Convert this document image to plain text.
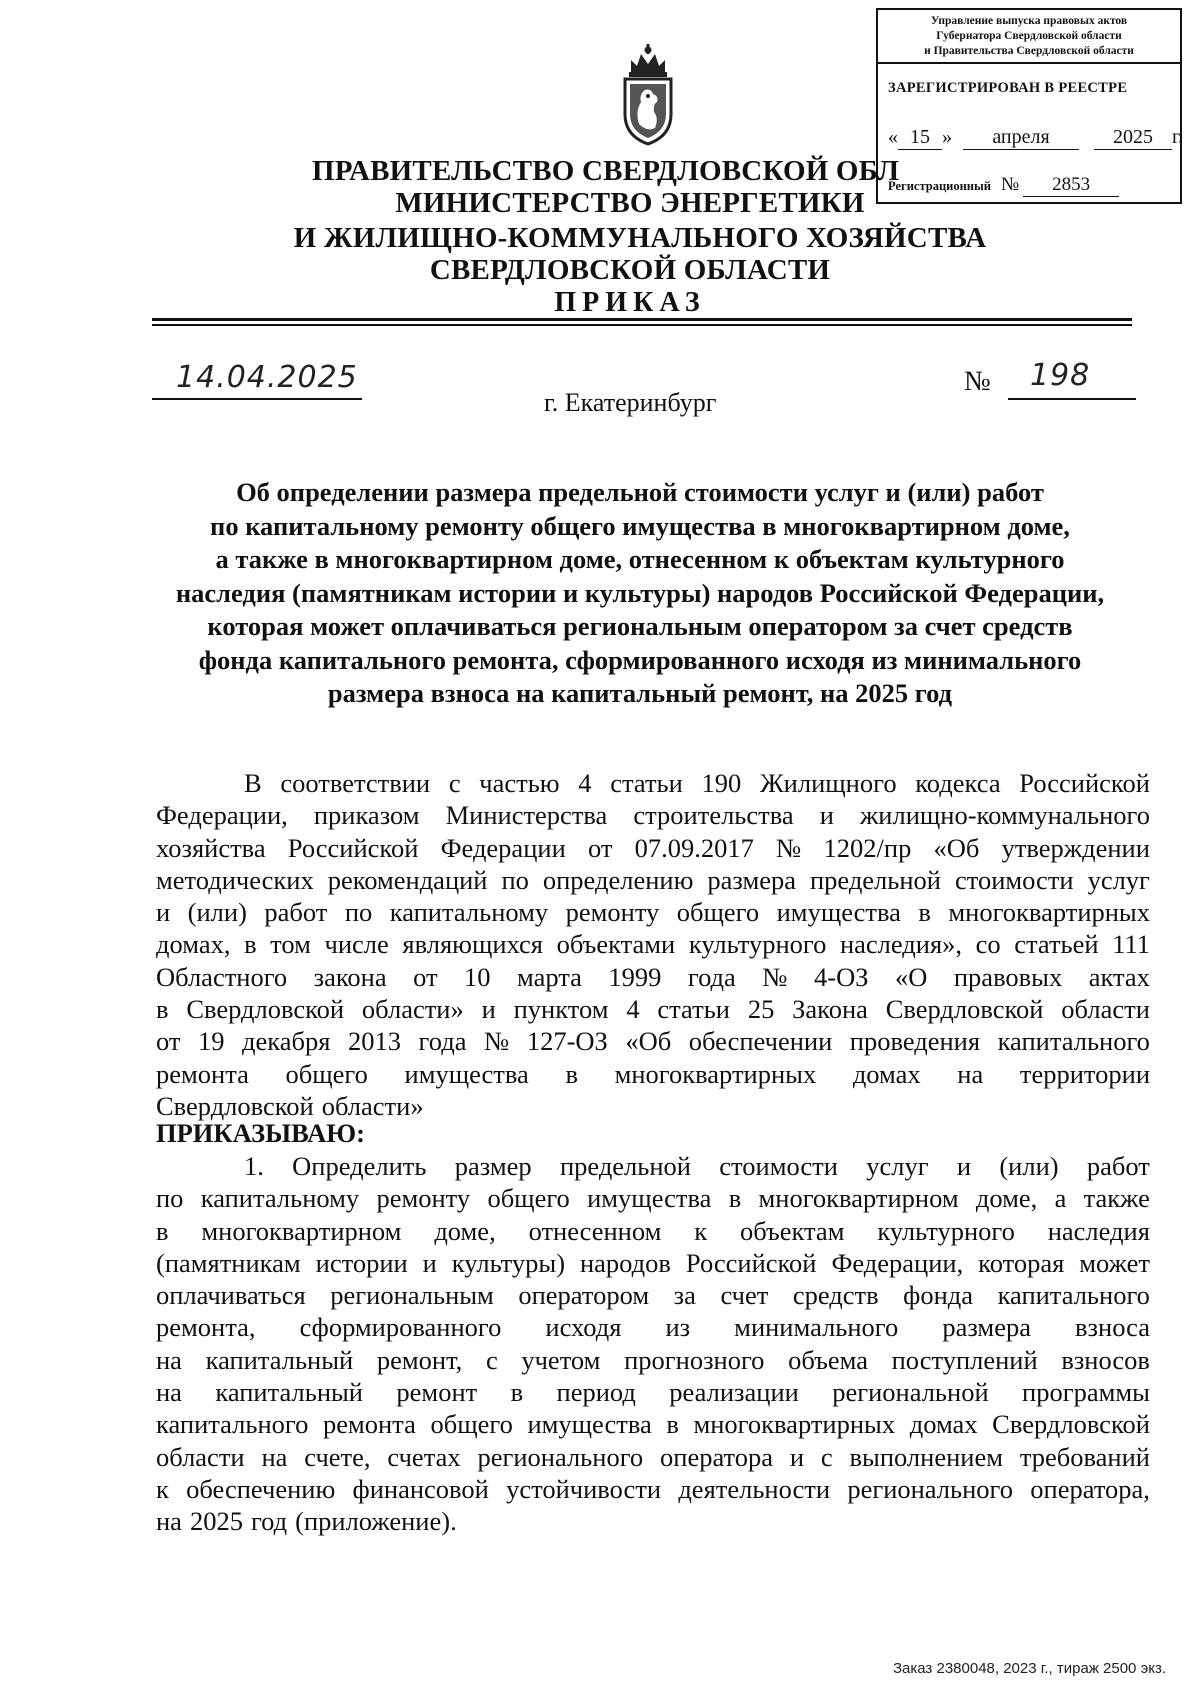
Управление выпуска правовых актов
Губернатора Свердловской области
и Правительства Свердловской области
ЗАРЕГИСТРИРОВАН В РЕЕСТРЕ
« 15 » апреля	2025 г.
Регистрационный № 2853
ПРАВИТЕЛЬСТВО СВЕРДЛОВСКОЙ ОБЛ
МИНИСТЕРСТВО ЭНЕРГЕТИКИ
И ЖИЛИЩНО-КОММУНАЛЬНОГО ХОЗЯЙСТВА
СВЕРДЛОВСКОЙ ОБЛАСТИ
ПРИКАЗ
14.04.2025
г. Екатеринбург
№ 198
Об определении размера предельной стоимости услуг и (или) работ
по капитальному ремонту общего имущества в многоквартирном доме,
а также в многоквартирном доме, отнесенном к объектам культурного
наследия (памятникам истории и культуры) народов Российской Федерации,
которая может оплачиваться региональным оператором за счет средств
фонда капитального ремонта, сформированного исходя из минимального
размера взноса на капитальный ремонт, на 2025 год
В соответствии с частью 4 статьи 190 Жилищного кодекса Российской
Федерации, приказом Министерства строительства и жилищно-коммунального
хозяйства Российской Федерации от 07.09.2017 № 1202/пр «Об утверждении
методических рекомендаций по определению размера предельной стоимости услуг
и (или) работ по капитальному ремонту общего имущества в многоквартирных
домах, в том числе являющихся объектами культурного наследия», со статьей 111
Областного закона от 10 марта 1999 года № 4-ОЗ «О правовых актах
в Свердловской области» и пунктом 4 статьи 25 Закона Свердловской области
от 19 декабря 2013 года № 127-ОЗ «Об обеспечении проведения капитального
ремонта общего имущества в многоквартирных домах на территории
Свердловской области»
ПРИКАЗЫВАЮ:
1. Определить размер предельной стоимости услуг и (или) работ
по капитальному ремонту общего имущества в многоквартирном доме, а также
в многоквартирном доме, отнесенном к объектам культурного наследия
(памятникам истории и культуры) народов Российской Федерации, которая может
оплачиваться региональным оператором за счет средств фонда капитального
ремонта, сформированного исходя из минимального размера взноса
на капитальный ремонт, с учетом прогнозного объема поступлений взносов
на капитальный ремонт в период реализации региональной программы
капитального ремонта общего имущества в многоквартирных домах Свердловской
области на счете, счетах регионального оператора и с выполнением требований
к обеспечению финансовой устойчивости деятельности регионального оператора,
на 2025 год (приложение).
Заказ 2380048, 2023 г., тираж 2500 экз.
